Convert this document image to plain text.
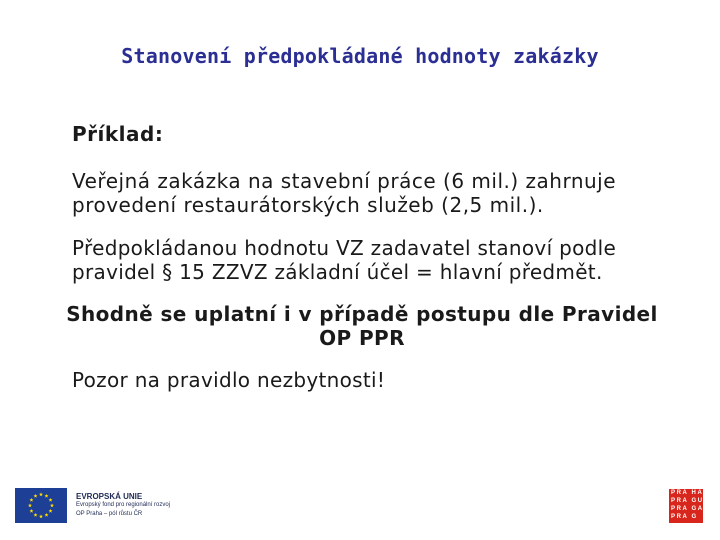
Stanovení předpokládané hodnoty zakázky

Příklad:

Veřejná zakázka na stavební práce (6 mil.) zahrnuje provedení restaurátorských služeb (2,5 mil.).

Předpokládanou hodnotu VZ zadavatel stanoví podle pravidel § 15 ZZVZ základní účel = hlavní předmět.

Shodně se uplatní i v případě postupu dle Pravidel OP PPR

Pozor na pravidlo nezbytnosti!

EVROPSKÁ UNIE
Evropský fond pro regionální rozvoj
OP Praha – pól růstu ČR
PRA HA
PRA GUE
PRA GA
PRA G
